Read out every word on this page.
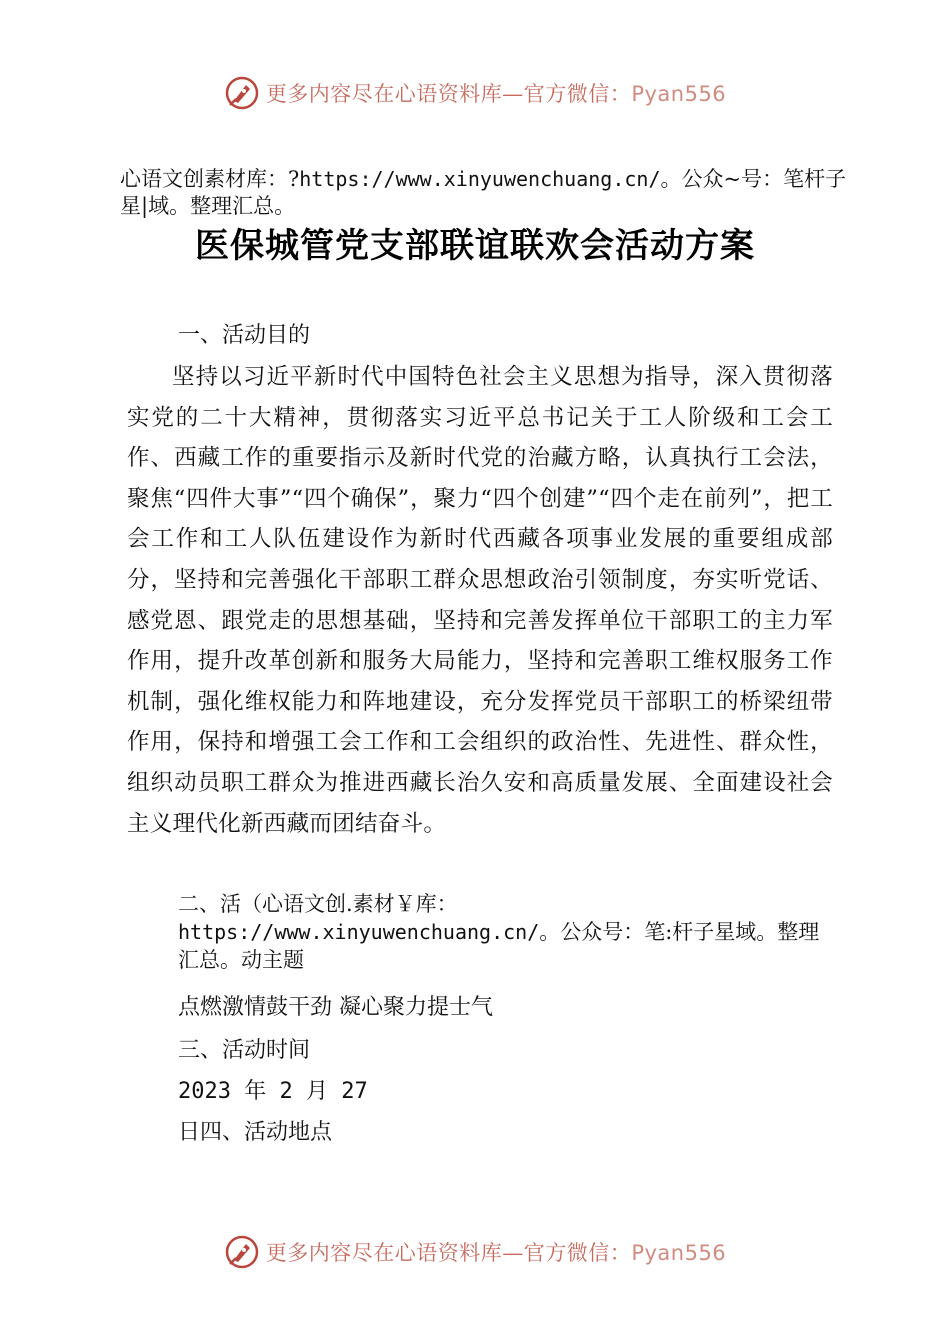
更多内容尽在心语资料库—官方微信：Pyan556
心语文创素材库：?https://www.xinyuwenchuang.cn/。公众~号：笔杆子星|域。整理汇总。
医保城管党支部联谊联欢会活动方案
一、活动目的
坚持以习近平新时代中国特色社会主义思想为指导，深入贯彻落实党的二十大精神，贯彻落实习近平总书记关于工人阶级和工会工作、西藏工作的重要指示及新时代党的治藏方略，认真执行工会法，聚焦“四件大事”“四个确保”，聚力“四个创建”“四个走在前列”，把工会工作和工人队伍建设作为新时代西藏各项事业发展的重要组成部分，坚持和完善强化干部职工群众思想政治引领制度，夯实听党话、感党恩、跟党走的思想基础，坚持和完善发挥单位干部职工的主力军作用，提升改革创新和服务大局能力，坚持和完善职工维权服务工作机制，强化维权能力和阵地建设，充分发挥党员干部职工的桥梁纽带作用，保持和增强工会工作和工会组织的政治性、先进性、群众性，组织动员职工群众为推进西藏长治久安和高质量发展、全面建设社会主义理代化新西藏而团结奋斗。
二、活（心语文创.素材￥库：https://www.xinyuwenchuang.cn/。公众号：笔:杆子星域。整理汇总。动主题
点燃激情鼓干劲 凝心聚力提士气
三、活动时间
2023 年 2 月 27
日四、活动地点
更多内容尽在心语资料库—官方微信：Pyan556
